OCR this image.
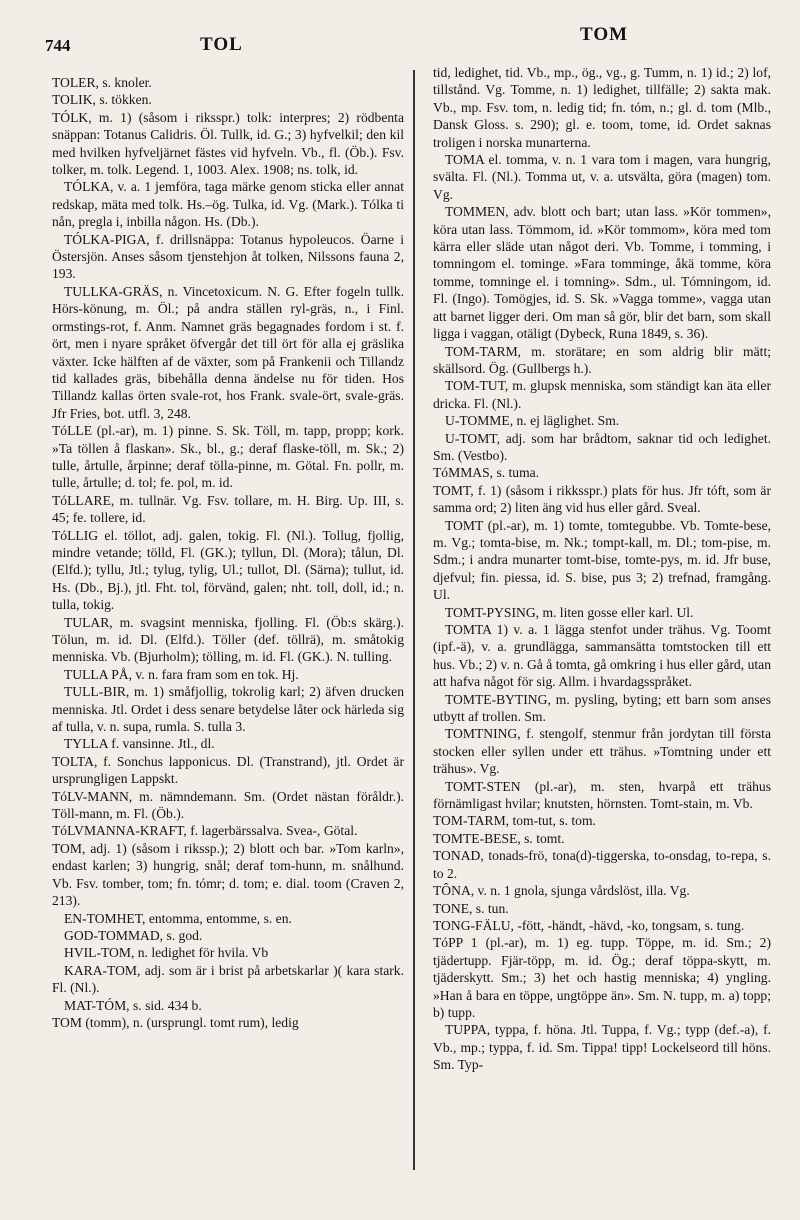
744	TOL	TOM

TOLER, s. knoler.

TOLIK, s. tökken.

TÓLK, m. 1) (såsom i riksspr.) tolk: interpres; 2) rödbenta snäppan: Totanus Calidris. Öl. Tullk, id. G.; 3) hyfvelkil; den kil med hvilken hyfveljärnet fästes vid hyfveln. Vb., fl. (Öb.). Fsv. tolker, m. tolk. Legend. 1, 1003. Alex. 1908; ns. tolk, id.

TÓLKA, v. a. 1 jemföra, taga märke genom sticka eller annat redskap, mäta med tolk. Hs.–ög. Tulka, id. Vg. (Mark.). Tólka ti nån, pregla i, inbilla någon. Hs. (Db.).

TÓLKA-PIGA, f. drillsnäppa: Totanus hypoleucos. Öarne i Östersjön. Anses såsom tjenstehjon åt tolken, Nilssons fauna 2, 193.

TULLKA-GRÄS, n. Vincetoxicum. N. G. Efter fogeln tullk. Hörs-könung, m. Öl.; på andra ställen ryl-gräs, n., i Finl. ormstings-rot, f. Anm. Namnet gräs begagnades fordom i st. f. ört, men i nyare språket öfvergår det till ört för alla ej gräslika växter. Icke hälften af de växter, som på Frankenii och Tillandz tid kallades gräs, bibehålla denna ändelse nu för tiden. Hos Tillandz kallas örten svale-rot, hos Frank. svale-ört, svale-gräs. Jfr Fries, bot. utfl. 3, 248.

TóLLE (pl.-ar), m. 1) pinne. S. Sk. Töll, m. tapp, propp; kork. »Ta töllen å flaskan». Sk., bl., g.; deraf flaske-töll, m. Sk.; 2) tulle, årtulle, årpinne; deraf tölla-pinne, m. Götal. Fn. pollr, m. tulle, årtulle; d. tol; fe. pol, m. id.

TóLLARE, m. tullnär. Vg. Fsv. tollare, m. H. Birg. Up. III, s. 45; fe. tollere, id.

TóLLIG el. töllot, adj. galen, tokig. Fl. (Nl.). Tollug, fjollig, mindre vetande; tölld, Fl. (GK.); tyllun, Dl. (Mora); tålun, Dl. (Elfd.); tyllu, Jtl.; tylug, tylig, Ul.; tullot, Dl. (Särna); tullut, id. Hs. (Db., Bj.), jtl. Fht. tol, förvänd, galen; nht. toll, doll, id.; n. tulla, tokig.

TULAR, m. svagsint menniska, fjolling. Fl. (Öb:s skärg.). Tölun, m. id. Dl. (Elfd.). Töller (def. töllrä), m. småtokig menniska. Vb. (Bjurholm); tölling, m. id. Fl. (GK.). N. tulling.

TULLA PÅ, v. n. fara fram som en tok. Hj.

TULL-BIR, m. 1) småfjollig, tokrolig karl; 2) äfven drucken menniska. Jtl. Ordet i dess senare betydelse låter ock härleda sig af tulla, v. n. supa, rumla. S. tulla 3.

TYLLA f. vansinne. Jtl., dl.

TOLTA, f. Sonchus lapponicus. Dl. (Transtrand), jtl. Ordet är ursprungligen Lappskt.

TóLV-MANN, m. nämndemann. Sm. (Ordet nästan föråldr.). Töll-mann, m. Fl. (Öb.).

TóLVMANNA-KRAFT, f. lagerbärssalva. Svea-, Götal.

TOM, adj. 1) (såsom i rikssp.); 2) blott och bar. »Tom karln», endast karlen; 3) hungrig, snål; deraf tom-hunn, m. snålhund. Vb. Fsv. tomber, tom; fn. tómr; d. tom; e. dial. toom (Craven 2, 213).

EN-TOMHET, entomma, entomme, s. en.

GOD-TOMMAD, s. god.

HVIL-TOM, n. ledighet för hvila. Vb

KARA-TOM, adj. som är i brist på arbetskarlar )( kara stark. Fl. (Nl.).

MAT-TÓM, s. sid. 434 b.

TOM (tomm), n. (ursprungl. tomt rum), ledig

tid, ledighet, tid. Vb., mp., ög., vg., g. Tumm, n. 1) id.; 2) lof, tillstånd. Vg. Tomme, n. 1) ledighet, tillfälle; 2) sakta mak. Vb., mp. Fsv. tom, n. ledig tid; fn. tóm, n.; gl. d. tom (Mlb., Dansk Gloss. s. 290); gl. e. toom, tome, id. Ordet saknas troligen i norska munarterna.

TOMA el. tomma, v. n. 1 vara tom i magen, vara hungrig, svälta. Fl. (Nl.). Tomma ut, v. a. utsvälta, göra (magen) tom. Vg.

TOMMEN, adv. blott och bart; utan lass. »Kör tommen», köra utan lass. Tömmom, id. »Kör tommom», köra med tom kärra eller släde utan något deri. Vb. Tomme, i tomming, i tomningom el. tominge. »Fara tomminge, åkä tomme, köra tomme, tomninge el. i tomning». Sdm., ul. Tómningom, id. Fl. (Ingo). Tomögjes, id. S. Sk. »Vagga tomme», vagga utan att barnet ligger deri. Om man så gör, blir det barn, som skall ligga i vaggan, otäligt (Dybeck, Runa 1849, s. 36).

TOM-TARM, m. storätare; en som aldrig blir mätt; skällsord. Ög. (Gullbergs h.).

TOM-TUT, m. glupsk menniska, som ständigt kan äta eller dricka. Fl. (Nl.).

U-TOMME, n. ej läglighet. Sm.

U-TOMT, adj. som har brådtom, saknar tid och ledighet. Sm. (Vestbo).

TóMMAS, s. tuma.

TOMT, f. 1) (såsom i rikksspr.) plats för hus. Jfr tóft, som är samma ord; 2) liten äng vid hus eller gård. Sveal.

TOMT (pl.-ar), m. 1) tomte, tomtegubbe. Vb. Tomte-bese, m. Vg.; tomta-bise, m. Nk.; tompt-kall, m. Dl.; tom-pise, m. Sdm.; i andra munarter tomt-bise, tomte-pys, m. id. Jfr buse, djefvul; fin. piessa, id. S. bise, pus 3; 2) trefnad, framgång. Ul.

TOMT-PYSING, m. liten gosse eller karl. Ul.

TOMTA 1) v. a. 1 lägga stenfot under trähus. Vg. Toomt (ipf.-ä), v. a. grundlägga, sammansätta tomtstocken till ett hus. Vb.; 2) v. n. Gå å tomta, gå omkring i hus eller gård, utan att hafva något för sig. Allm. i hvardagsspråket.

TOMTE-BYTING, m. pysling, byting; ett barn som anses utbytt af trollen. Sm.

TOMTNING, f. stengolf, stenmur från jordytan till första stocken eller syllen under ett trähus. »Tomtning under ett trähus». Vg.

TOMT-STEN (pl.-ar), m. sten, hvarpå ett trähus förnämligast hvilar; knutsten, hörnsten. Tomt-stain, m. Vb.

TOM-TARM, tom-tut, s. tom.

TOMTE-BESE, s. tomt.

TONAD, tonads-frö, tona(d)-tiggerska, to-onsdag, to-repa, s. to 2.

TÔNA, v. n. 1 gnola, sjunga vårdslöst, illa. Vg.

TONE, s. tun.

TONG-FÄLU, -fött, -händt, -hävd, -ko, tongsam, s. tung.

TóPP 1 (pl.-ar), m. 1) eg. tupp. Töppe, m. id. Sm.; 2) tjädertupp. Fjär-töpp, m. id. Ög.; deraf töppa-skytt, m. tjäderskytt. Sm.; 3) het och hastig menniska; 4) yngling. »Han å bara en töppe, ungtöppe än». Sm. N. tupp, m. a) topp; b) tupp.

TUPPA, typpa, f. höna. Jtl. Tuppa, f. Vg.; typp (def.-a), f. Vb., mp.; typpa, f. id. Sm. Tippa! tipp! Lockelseord till höns. Sm. Typ-
